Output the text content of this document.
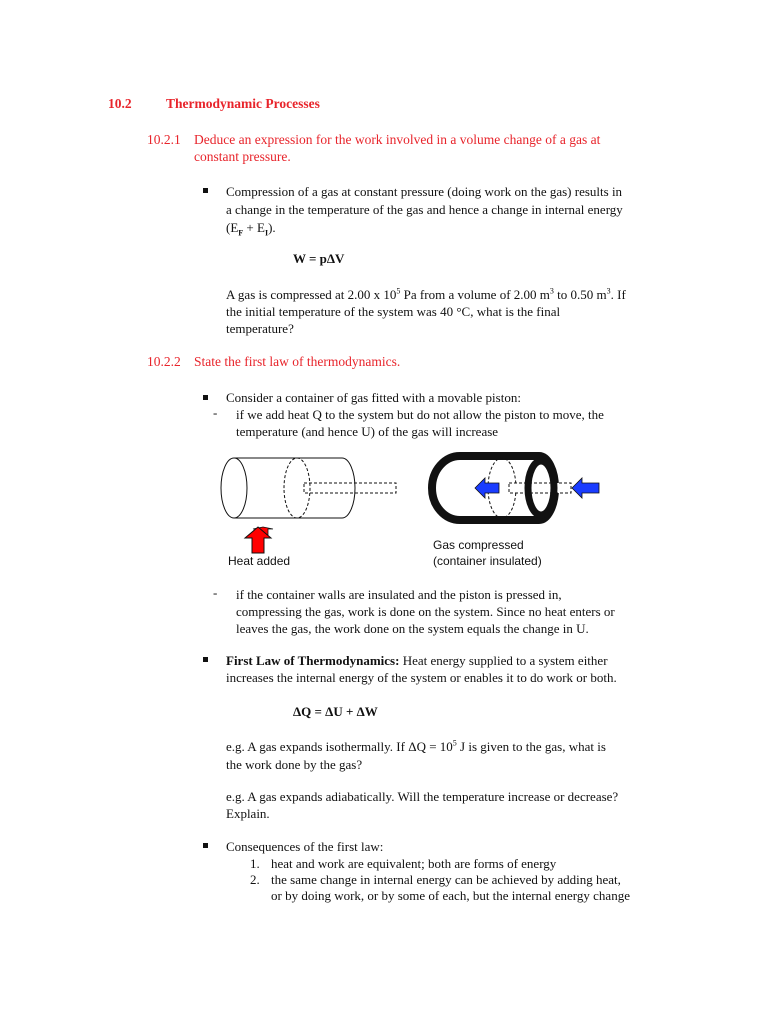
10.2	Thermodynamic Processes
10.2.1 Deduce an expression for the work involved in a volume change of a gas at
constant pressure.
Compression of a gas at constant pressure (doing work on the gas) results in
a change in the temperature of the gas and hence a change in internal energy
$(E_F + E_I)$.
W = pΔV
A gas is compressed at 2.00 x $10^5$ Pa from a volume of 2.00 $m^3$ to 0.50 $m^3$. If
the initial temperature of the system was 40 °C, what is the final
temperature?
10.2.2 State the first law of thermodynamics.
Consider a container of gas fitted with a movable piston:
- if we add heat Q to the system but do not allow the piston to move, the
temperature (and hence U) of the gas will increase
Heat added
Gas compressed
(container insulated)
- if the container walls are insulated and the piston is pressed in,
compressing the gas, work is done on the system. Since no heat enters or
leaves the gas, the work done on the system equals the change in U.
First Law of Thermodynamics: Heat energy supplied to a system either
increases the internal energy of the system or enables it to do work or both.
ΔQ = ΔU + ΔW
e.g. A gas expands isothermally. If $\Delta Q = 10^5$ J is given to the gas, what is
the work done by the gas?
e.g. A gas expands adiabatically. Will the temperature increase or decrease?
Explain.
Consequences of the first law:
1. heat and work are equivalent; both are forms of energy
2. the same change in internal energy can be achieved by adding heat,
or by doing work, or by some of each, but the internal energy change
